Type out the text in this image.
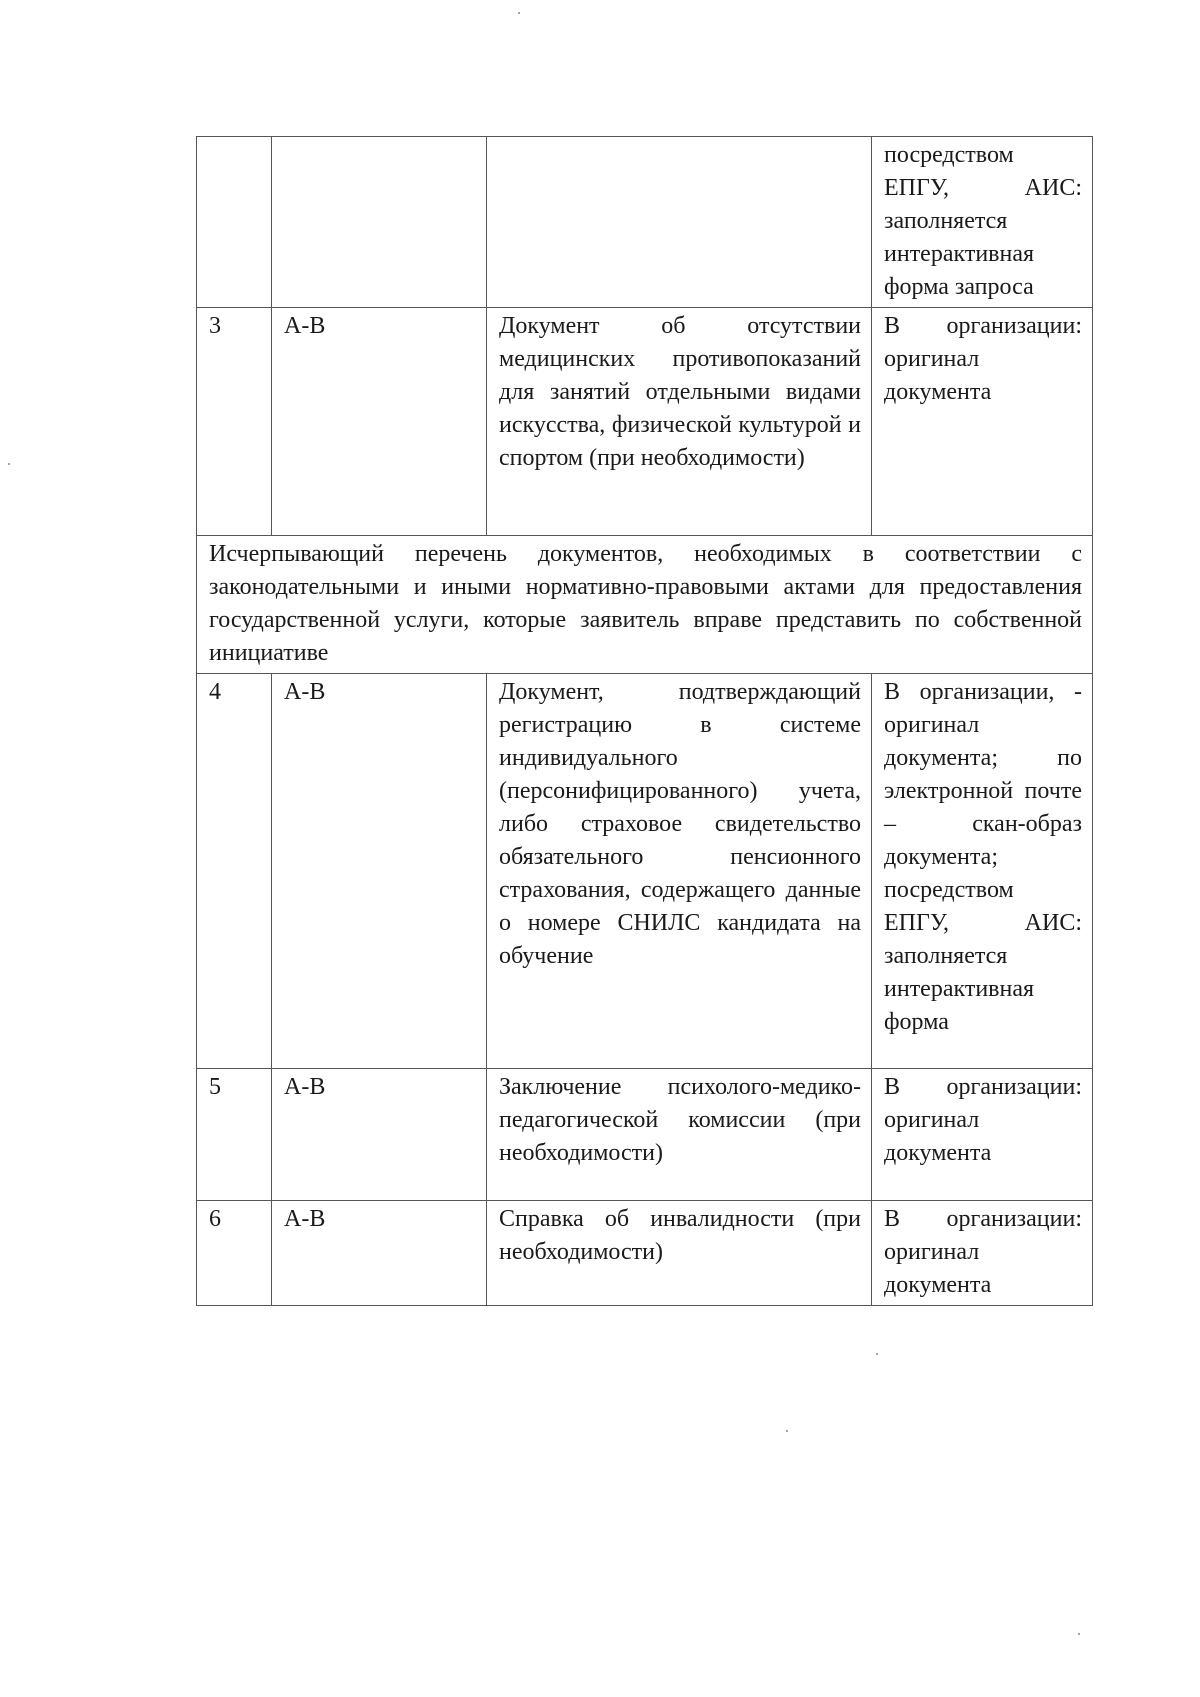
			посредством ЕПГУ, АИС: заполняется интерактивная форма запроса
3	А-В	Документ об отсутствии медицинских противопоказаний для занятий отдельными видами искусства, физической культурой и спортом (при необходимости)	В организации: оригинал документа
Исчерпывающий перечень документов, необходимых в соответствии с законодательными и иными нормативно-правовыми актами для предоставления государственной услуги, которые заявитель вправе представить по собственной инициативе			
4	А-В	Документ, подтверждающий регистрацию в системе индивидуального (персонифицированного) учета, либо страховое свидетельство обязательного пенсионного страхования, содержащего данные о номере СНИЛС кандидата на обучение	В организации, - оригинал документа; по электронной почте – скан-образ документа; посредством ЕПГУ, АИС: заполняется интерактивная форма
5	А-В	Заключение психолого-медико-педагогической комиссии (при необходимости)	В организации: оригинал документа
6	А-В	Справка об инвалидности (при необходимости)	В организации: оригинал документа
